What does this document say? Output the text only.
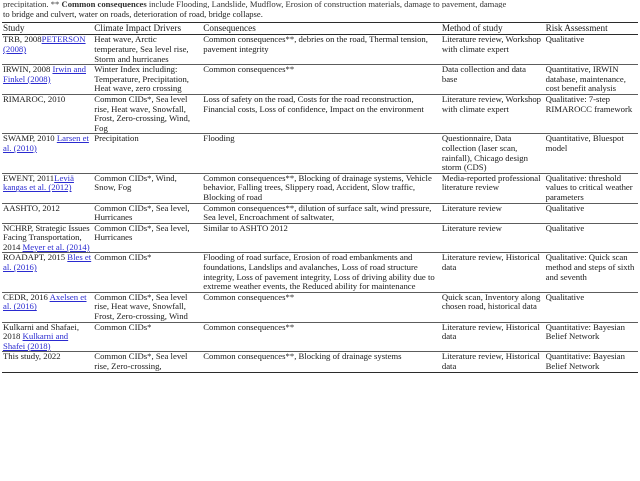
precipitation. ** Common consequences include Flooding, Landslide, Mudflow, Erosion of construction materials, damage to pavement, damage
to bridge and culvert, water on roads, deterioration of road, bridge collapse.

Study	Climate Impact Drivers	Consequences	Method of study	Risk Assessment
TRB, 2008PETERSON (2008)	Heat wave, Arctic temperature, Sea level rise, Storm and hurricanes	Common consequences**, debries on the road, Thermal tension, pavement integrity	Literature review, Workshop with climate expert	Qualitative
IRWIN, 2008 Irwin and Finkel (2008)	Winter Index including: Temperature, Precipitation, Heat wave, zero crossing	Common consequences**	Data collection and data base	Quantitative, IRWIN database, maintenance, cost benefit analysis
RIMAROC, 2010	Common CIDs*, Sea level rise, Heat wave, Snowfall, Frost, Zero-crossing, Wind, Fog	Loss of safety on the road, Costs for the road reconstruction, Financial costs, Loss of confidence, Impact on the environment	Literature review, Workshop with climate expert	Qualitative: 7-step RIMAROCC framework
SWAMP, 2010 Larsen et al. (2010)	Precipitation	Flooding	Questionnaire, Data collection (laser scan, rainfall), Chicago design storm (CDS)	Quantitative, Bluespot model
EWENT, 2011Leviä kangas et al. (2012)	Common CIDs*, Wind, Snow, Fog	Common consequences**, Blocking of drainage systems, Vehicle behavior, Falling trees, Slippery road, Accident, Slow traffic, Blocking of road	Media-reported professional literature review	Qualitative: threshold values to critical weather parameters
AASHTO, 2012	Common CIDs*, Sea level, Hurricanes	Common consequences**, dilution of surface salt, wind pressure, Sea level, Encroachment of saltwater,	Literature review	Qualitative
NCHRP, Strategic Issues Facing Transportation, 2014 Meyer et al. (2014)	Common CIDs*, Sea level, Hurricanes	Similar to ASHTO 2012	Literature review	Qualitative
ROADAPT, 2015 Bles et al. (2016)	Common CIDs*	Flooding of road surface, Erosion of road embankments and foundations, Landslips and avalanches, Loss of road structure integrity, Loss of pavement integrity, Loss of driving ability due to extreme weather events, the Reduced ability for maintenance	Literature review, Historical data	Qualitative: Quick scan method and steps of sixth and seventh
CEDR, 2016 Axelsen et al. (2016)	Common CIDs*, Sea level rise, Heat wave, Snowfall, Frost, Zero-crossing, Wind	Common consequences**	Quick scan, Inventory along chosen road, historical data	Qualitative
Kulkarni and Shafaei, 2018 Kulkarni and Shafei (2018)	Common CIDs*	Common consequences**	Literature review, Historical data	Quantitative: Bayesian Belief Network
This study, 2022	Common CIDs*, Sea level rise, Zero-crossing,	Common consequences**, Blocking of drainage systems	Literature review, Historical data	Quantitative: Bayesian Belief Network
